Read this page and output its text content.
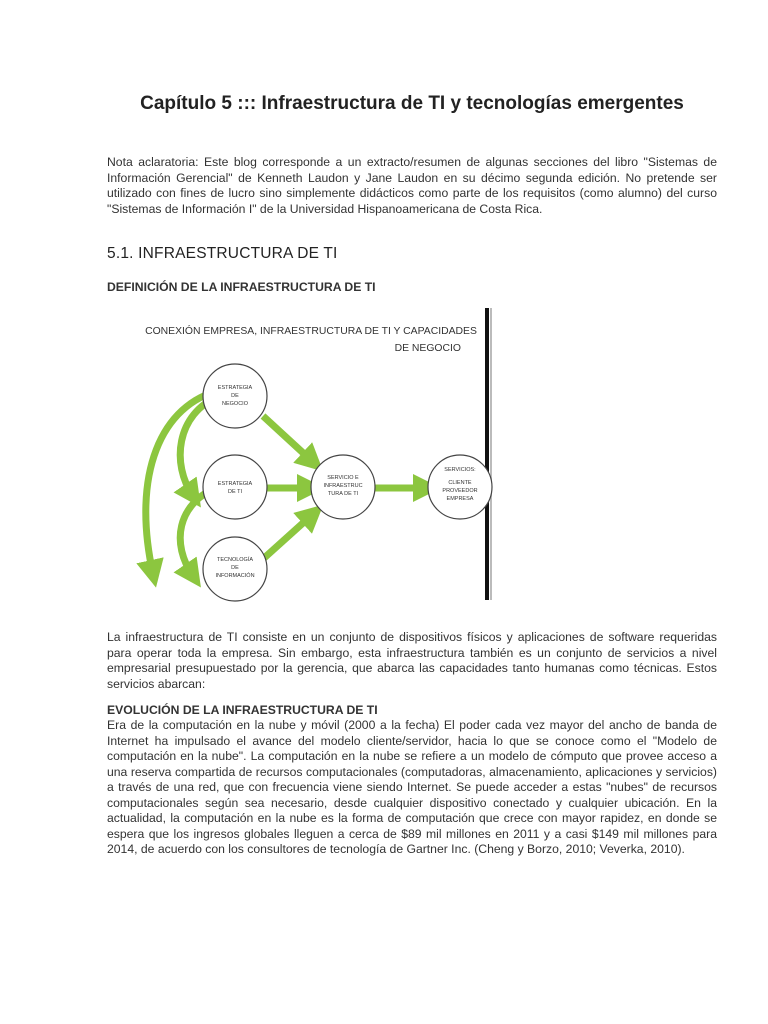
Capítulo 5 ::: Infraestructura de TI y tecnologías emergentes

Nota aclaratoria: Este blog corresponde a un extracto/resumen de algunas secciones del libro "Sistemas de Información Gerencial" de Kenneth Laudon y Jane Laudon en su décimo segunda edición. No pretende ser utilizado con fines de lucro sino simplemente didácticos como parte de los requisitos (como alumno) del curso "Sistemas de Información I" de la Universidad Hispanoamericana de Costa Rica.

5.1. INFRAESTRUCTURA DE TI
DEFINICIÓN DE LA INFRAESTRUCTURA DE TI
CONEXIÓN EMPRESA, INFRAESTRUCTURA DE TI Y CAPACIDADES
DE NEGOCIO
ESTRATEGIA
DE
NEGOCIO
ESTRATEGIA
DE TI
TECNOLOGÍA
DE
INFORMACIÓN
SERVICIO E
INFRAESTRUC
TURA DE TI
SERVICIOS:
CLIENTE
PROVEEDOR
EMPRESA

La infraestructura de TI consiste en un conjunto de dispositivos físicos y aplicaciones de software requeridas para operar toda la empresa. Sin embargo, esta infraestructura también es un conjunto de servicios a nivel empresarial presupuestado por la gerencia, que abarca las capacidades tanto humanas como técnicas. Estos servicios abarcan:

EVOLUCIÓN DE LA INFRAESTRUCTURA DE TI

Era de la computación en la nube y móvil (2000 a la fecha) El poder cada vez mayor del ancho de banda de Internet ha impulsado el avance del modelo cliente/servidor, hacia lo que se conoce como el "Modelo de computación en la nube". La computación en la nube se refiere a un modelo de cómputo que provee acceso a una reserva compartida de recursos computacionales (computadoras, almacenamiento, aplicaciones y servicios) a través de una red, que con frecuencia viene siendo Internet. Se puede acceder a estas "nubes" de recursos computacionales según sea necesario, desde cualquier dispositivo conectado y cualquier ubicación. En la actualidad, la computación en la nube es la forma de computación que crece con mayor rapidez, en donde se espera que los ingresos globales lleguen a cerca de $89 mil millones en 2011 y a casi $149 mil millones para 2014, de acuerdo con los consultores de tecnología de Gartner Inc. (Cheng y Borzo, 2010; Veverka, 2010).
